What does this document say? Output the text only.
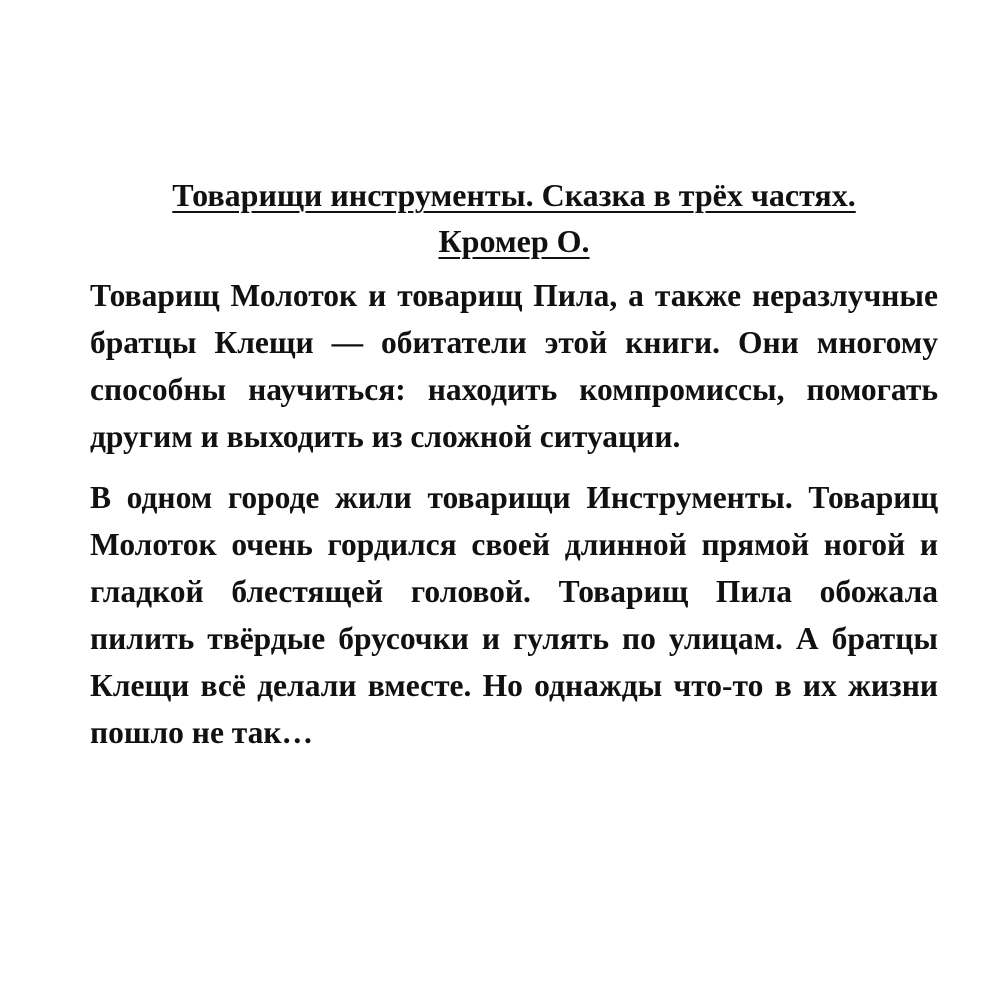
Товарищи инструменты. Сказка в трёх частях. Кромер О.

Товарищ Молоток и товарищ Пила, а также неразлучные братцы Клещи — обитатели этой книги. Они многому способны научиться: находить компромиссы, помогать другим и выходить из сложной ситуации.

В одном городе жили товарищи Инструменты. Товарищ Молоток очень гордился своей длинной прямой ногой и гладкой блестящей головой. Товарищ Пила обожала пилить твёрдые брусочки и гулять по улицам. А братцы Клещи всё делали вместе. Но однажды что-то в их жизни пошло не так…
